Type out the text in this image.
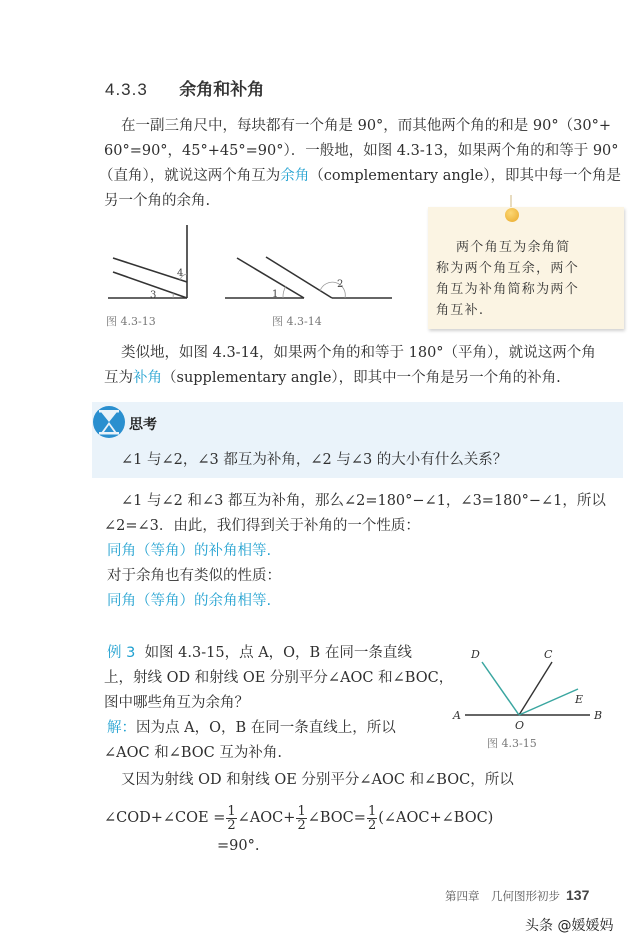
4.3.3 余角和补角
在一副三角尺中，每块都有一个角是 90°，而其他两个角的和是 90°（30°+
60°=90°，45°+45°=90°）．一般地，如图 4.3-13，如果两个角的和等于 90°
（直角），就说这两个角互为余角（complementary angle），即其中每一个角是
另一个角的余角.
4
3
图 4.3-13
1
2
图 4.3-14
两个角互为余角简
称为两个角互余，两个
角互为补角简称为两个
角互补.
类似地，如图 4.3-14，如果两个角的和等于 180°（平角），就说这两个角
互为补角（supplementary angle），即其中一个角是另一个角的补角.
思考
∠1 与∠2，∠3 都互为补角，∠2 与∠3 的大小有什么关系？
∠1 与∠2 和∠3 都互为补角，那么∠2=180°−∠1，∠3=180°−∠1，所以
∠2=∠3．由此，我们得到关于补角的一个性质：
同角（等角）的补角相等.
对于余角也有类似的性质：
同角（等角）的余角相等.
例 3 如图 4.3-15，点 A，O，B 在同一条直线
上，射线 OD 和射线 OE 分别平分∠AOC 和∠BOC，
图中哪些角互为余角？
解：因为点 A，O，B 在同一条直线上，所以
∠AOC 和∠BOC 互为补角.
又因为射线 OD 和射线 OE 分别平分∠AOC 和∠BOC，所以
∠COD+∠COE = $\frac{1}{2}$ ∠AOC+ $\frac{1}{2}$ ∠BOC= $\frac{1}{2}$ (∠AOC+∠BOC)
=90°.
A
O
B
C
D
E
图 4.3-15
第四章　几何图形初步 137
头条 @媛媛妈
